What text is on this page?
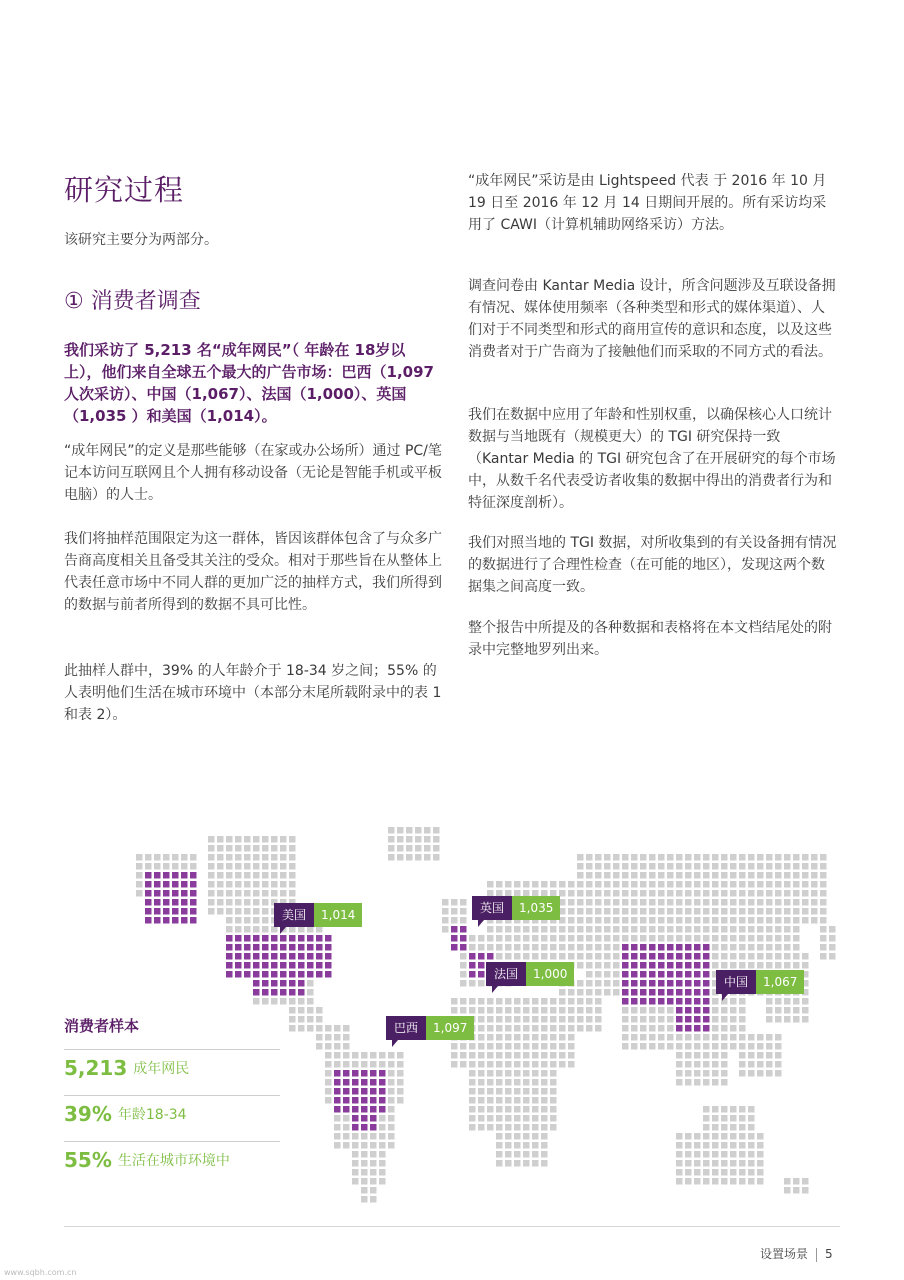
研究过程

该研究主要分为两部分。

① 消费者调查

我们采访了 5,213 名“成年网民”（ 年龄在 18岁以上），他们来自全球五个最大的广告市场：巴西（1,097 人次采访）、中国（1,067）、法国（1,000）、英国（1,035 ）和美国（1,014）。

“成年网民”的定义是那些能够（在家或办公场所）通过 PC/笔记本访问互联网且个人拥有移动设备（无论是智能手机或平板电脑）的人士。

我们将抽样范围限定为这一群体，皆因该群体包含了与众多广告商高度相关且备受其关注的受众。相对于那些旨在从整体上代表任意市场中不同人群的更加广泛的抽样方式，我们所得到的数据与前者所得到的数据不具可比性。

此抽样人群中，39% 的人年龄介于 18-34 岁之间；55% 的人表明他们生活在城市环境中（本部分末尾所载附录中的表 1 和表 2）。

“成年网民”采访是由 Lightspeed 代表 于 2016 年 10 月 19 日至 2016 年 12 月 14 日期间开展的。所有采访均采用了 CAWI（计算机辅助网络采访）方法。

调查问卷由 Kantar Media 设计，所含问题涉及互联设备拥有情况、媒体使用频率（各种类型和形式的媒体渠道）、人们对于不同类型和形式的商用宣传的意识和态度，以及这些消费者对于广告商为了接触他们而采取的不同方式的看法。

我们在数据中应用了年龄和性别权重，以确保核心人口统计数据与当地既有（规模更大）的 TGI 研究保持一致（Kantar Media 的 TGI 研究包含了在开展研究的每个市场中，从数千名代表受访者收集的数据中得出的消费者行为和特征深度剖析）。

我们对照当地的 TGI 数据，对所收集到的有关设备拥有情况的数据进行了合理性检查（在可能的地区），发现这两个数据集之间高度一致。

整个报告中所提及的各种数据和表格将在本文档结尾处的附录中完整地罗列出来。

美国	1,014	英国	1,035
法国	1,000
中国	1,067
巴西	1,097
消费者样本
5,213 成年网民
39% 年龄18-34
55% 生活在城市环境中
设置场景 5
www.sqbh.com.cn
